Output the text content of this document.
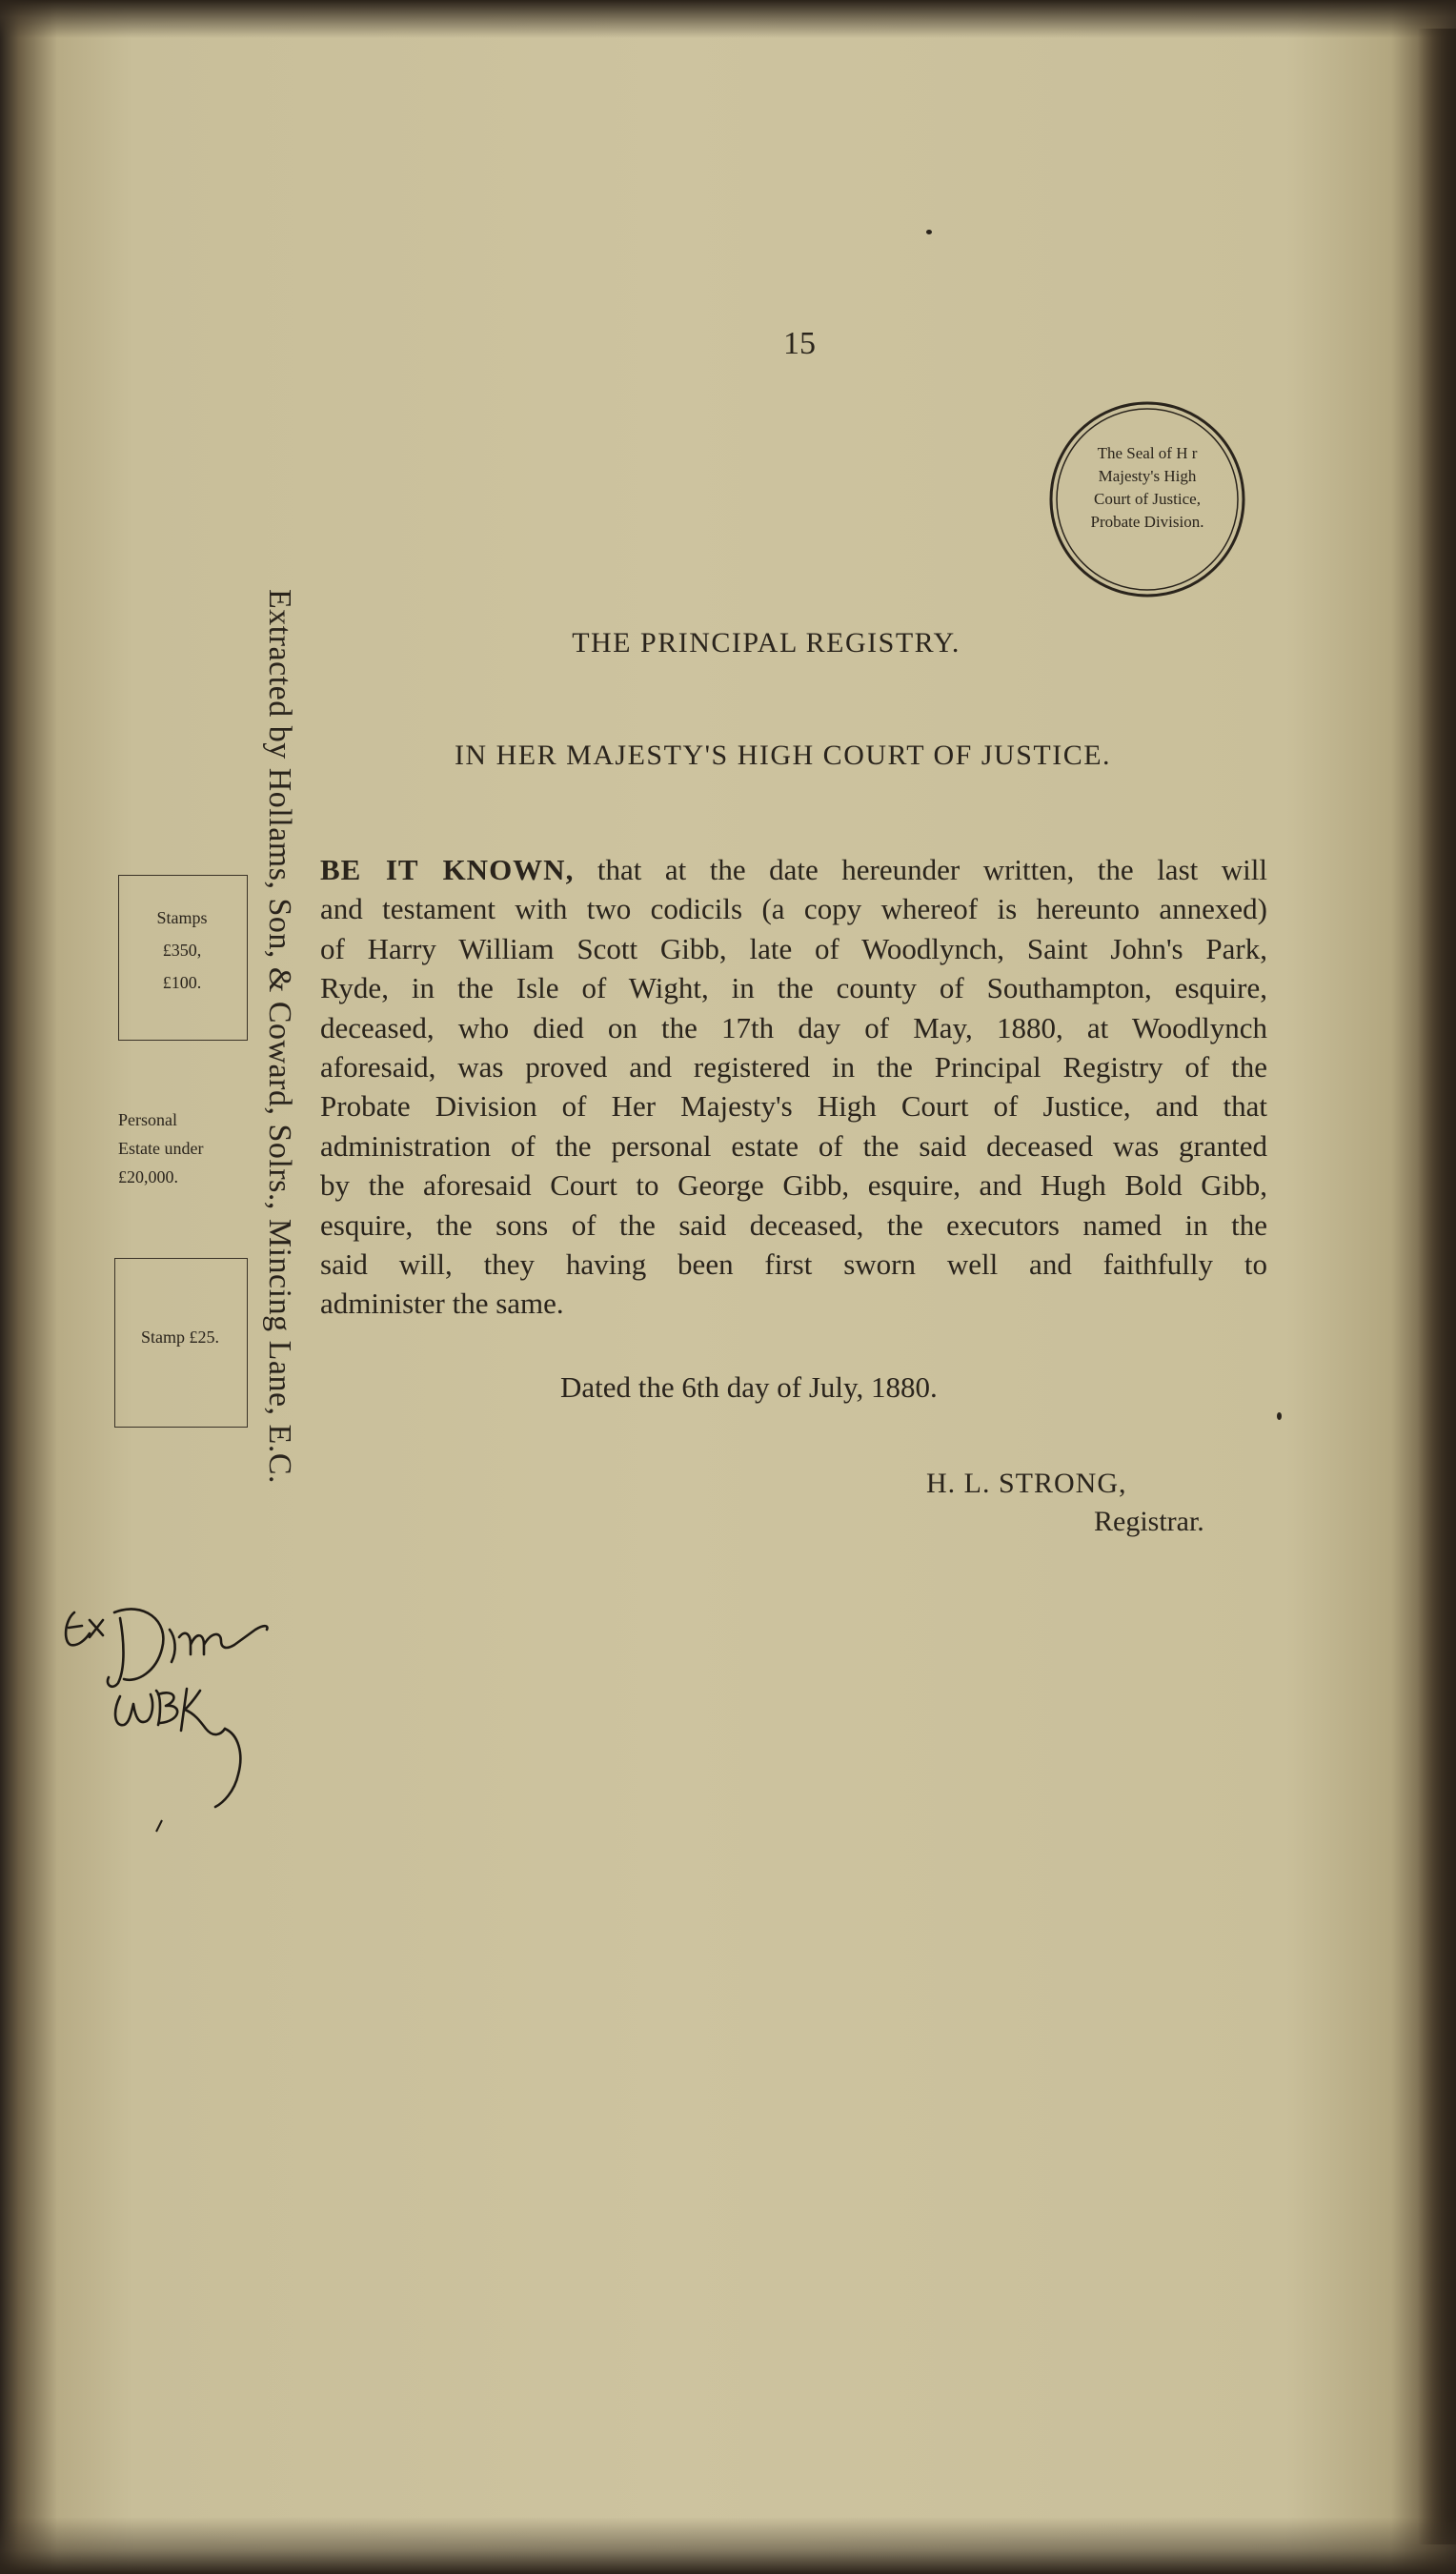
15
The Seal of H r
Majesty's High
Court of Justice,
Probate Division.
THE PRINCIPAL REGISTRY.
IN HER MAJESTY'S HIGH COURT OF JUSTICE.
BE IT KNOWN, that at the date hereunder written, the last will
and testament with two codicils (a copy whereof is hereunto annexed)
of Harry William Scott Gibb, late of Woodlynch, Saint John's Park,
Ryde, in the Isle of Wight, in the county of Southampton, esquire,
deceased, who died on the 17th day of May, 1880, at Woodlynch
aforesaid, was proved and registered in the Principal Registry of the
Probate Division of Her Majesty's High Court of Justice, and that
administration of the personal estate of the said deceased was granted
by the aforesaid Court to George Gibb, esquire, and Hugh Bold Gibb,
esquire, the sons of the said deceased, the executors named in the
said will, they having been first sworn well and faithfully to
administer the same.
Dated the 6th day of July, 1880.
H. L. STRONG,
Registrar.
Extracted by Hollams, Son, & Coward, Solrs., Mincing Lane, E.C.
Stamps
£350,
£100.
Personal
Estate under
£20,000.
Stamp £25.
